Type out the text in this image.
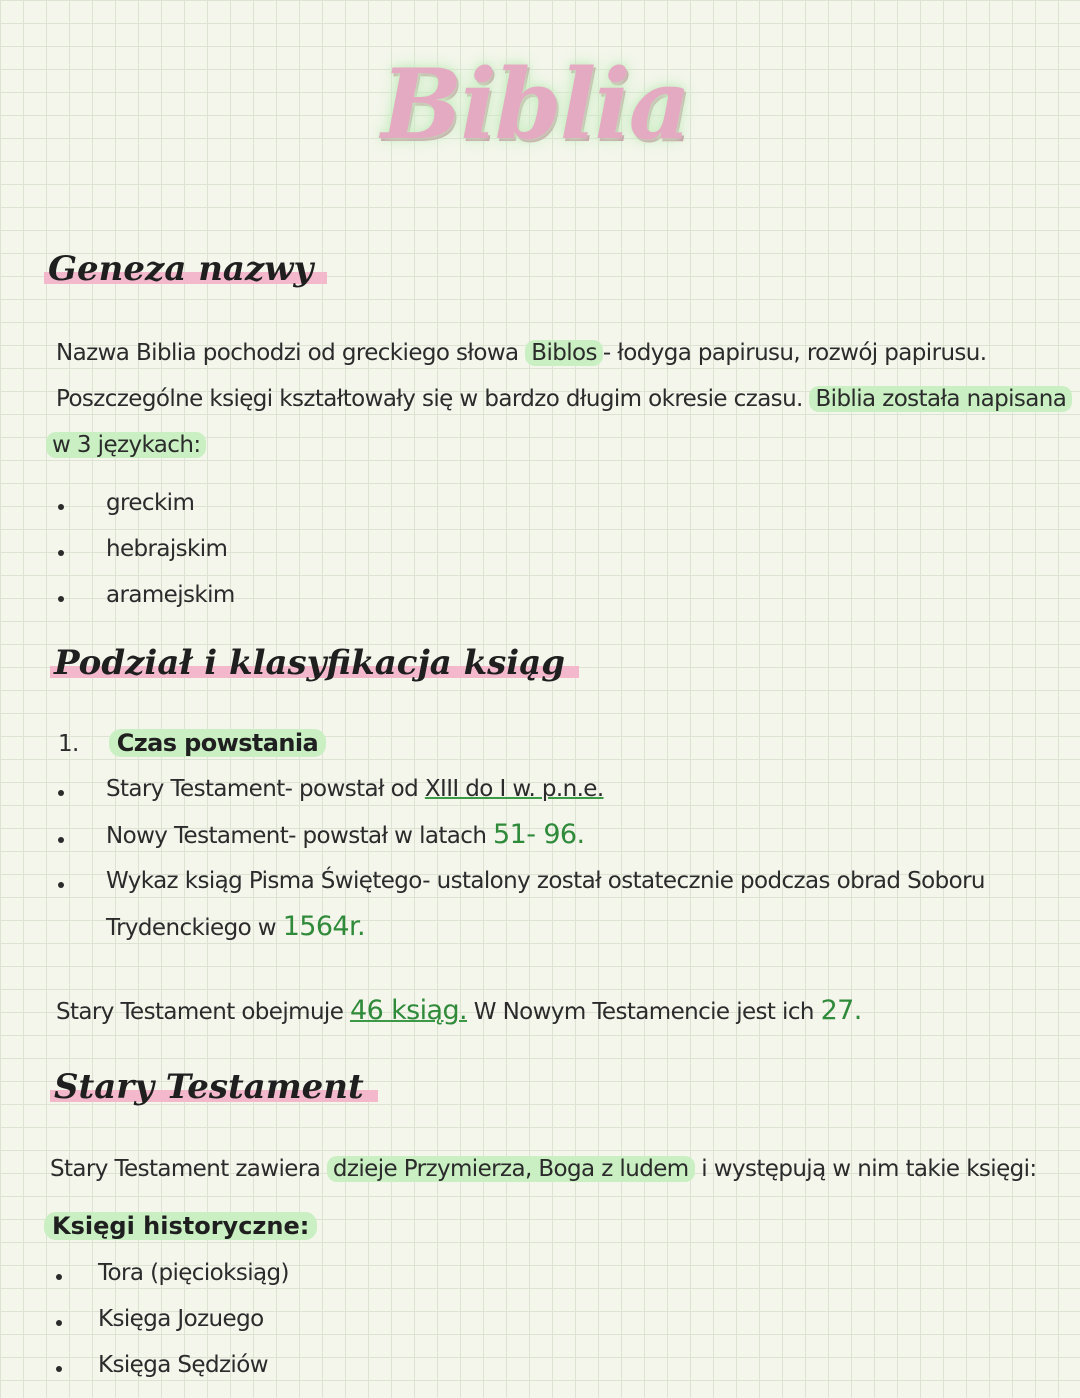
Biblia
Geneza nazwy
Nazwa Biblia pochodzi od greckiego słowa Biblos - łodyga papirusu, rozwój papirusu.
Poszczególne księgi kształtowały się w bardzo długim okresie czasu. Biblia została napisana
w 3 językach:
greckim
hebrajskim
aramejskim
Podział i klasyfikacja ksiąg
1. Czas powstania
Stary Testament- powstał od XIII do I w. p.n.e.
Nowy Testament- powstał w latach 51- 96.
Wykaz ksiąg Pisma Świętego- ustalony został ostatecznie podczas obrad Soboru
Trydenckiego w 1564r.
Stary Testament obejmuje 46 ksiąg. W Nowym Testamencie jest ich 27.
Stary Testament
Stary Testament zawiera dzieje Przymierza, Boga z ludem i występują w nim takie księgi:
Księgi historyczne:
Tora (pięcioksiąg)
Księga Jozuego
Księga Sędziów
